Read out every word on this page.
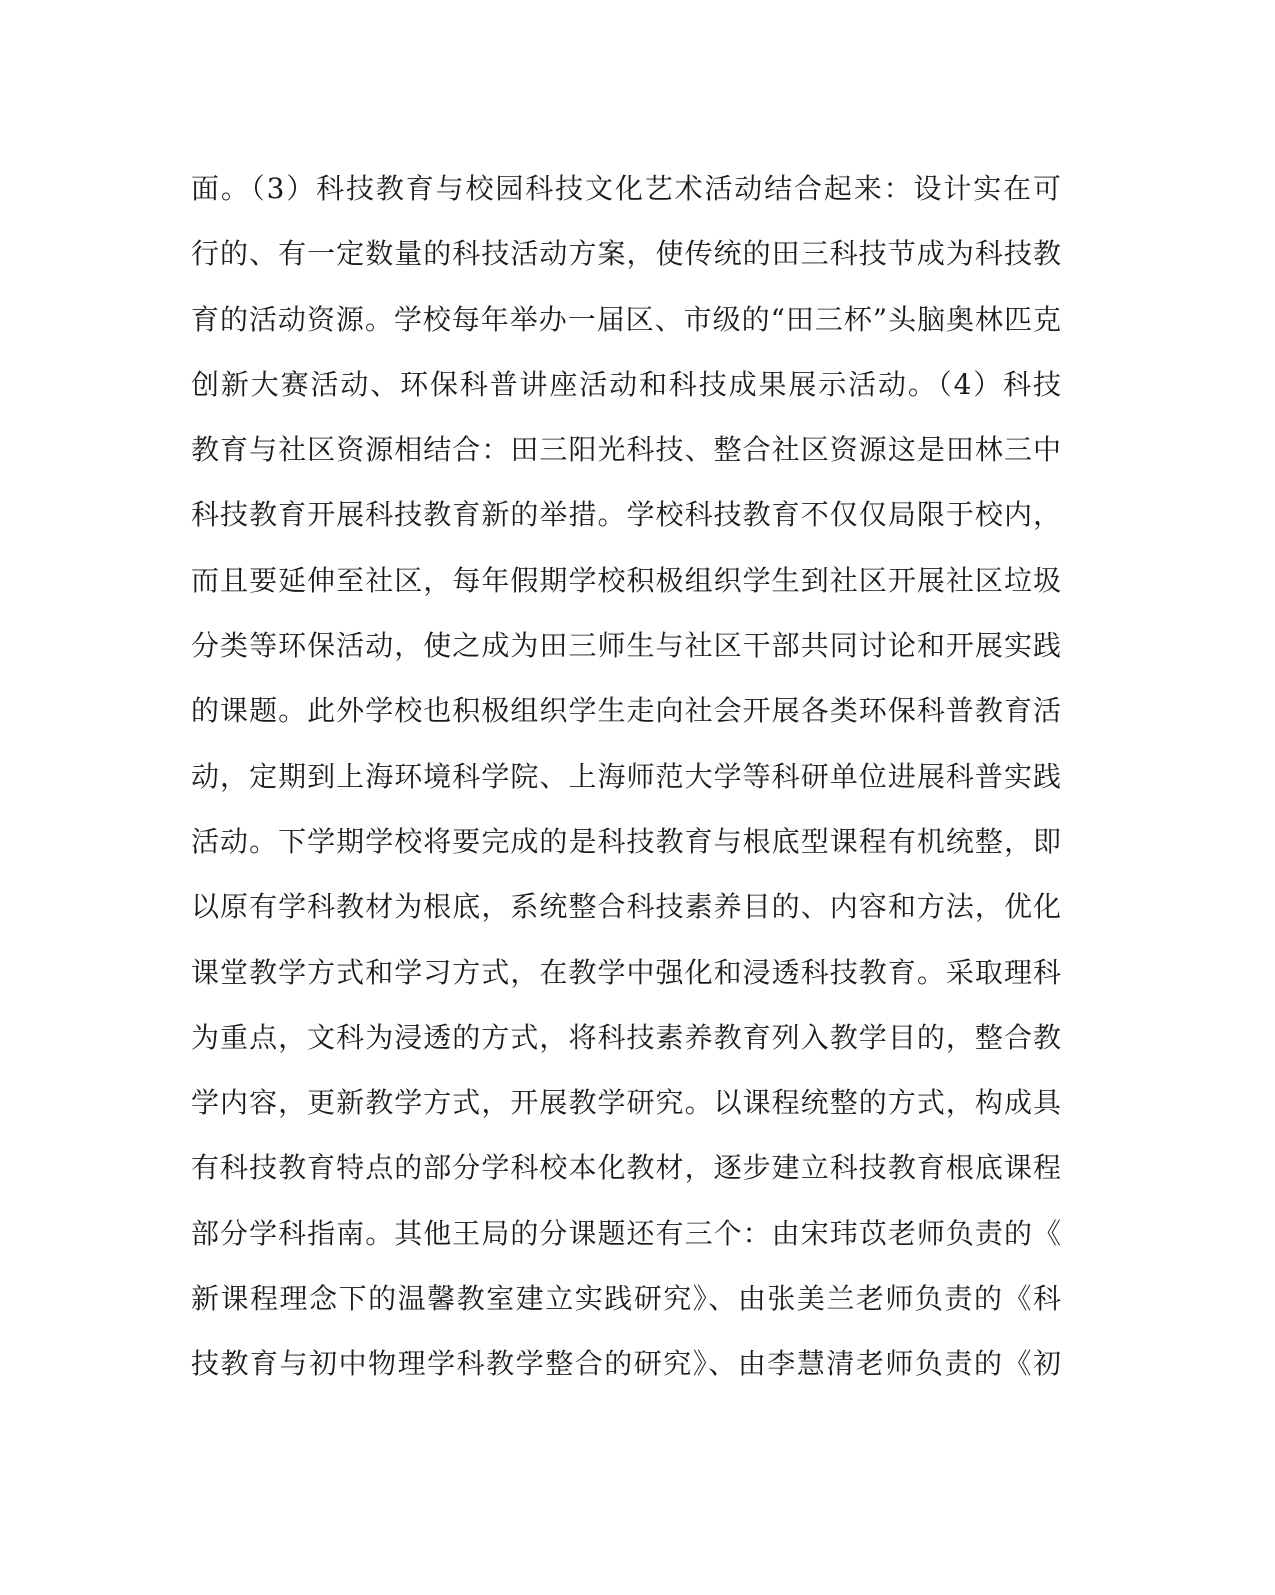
面。（3）科技教育与校园科技文化艺术活动结合起来：设计实在可
行的、有一定数量的科技活动方案，使传统的田三科技节成为科技教
育的活动资源。学校每年举办一届区、市级的“田三杯”头脑奥林匹克
创新大赛活动、环保科普讲座活动和科技成果展示活动。（4）科技
教育与社区资源相结合：田三阳光科技、整合社区资源这是田林三中
科技教育开展科技教育新的举措。学校科技教育不仅仅局限于校内，
而且要延伸至社区，每年假期学校积极组织学生到社区开展社区垃圾
分类等环保活动，使之成为田三师生与社区干部共同讨论和开展实践
的课题。此外学校也积极组织学生走向社会开展各类环保科普教育活
动，定期到上海环境科学院、上海师范大学等科研单位进展科普实践
活动。下学期学校将要完成的是科技教育与根底型课程有机统整，即
以原有学科教材为根底，系统整合科技素养目的、内容和方法，优化
课堂教学方式和学习方式，在教学中强化和浸透科技教育。采取理科
为重点，文科为浸透的方式，将科技素养教育列入教学目的，整合教
学内容，更新教学方式，开展教学研究。以课程统整的方式，构成具
有科技教育特点的部分学科校本化教材，逐步建立科技教育根底课程
部分学科指南。其他王局的分课题还有三个：由宋玮苡老师负责的《
新课程理念下的温馨教室建立实践研究》、由张美兰老师负责的《科
技教育与初中物理学科教学整合的研究》、由李慧清老师负责的《初
